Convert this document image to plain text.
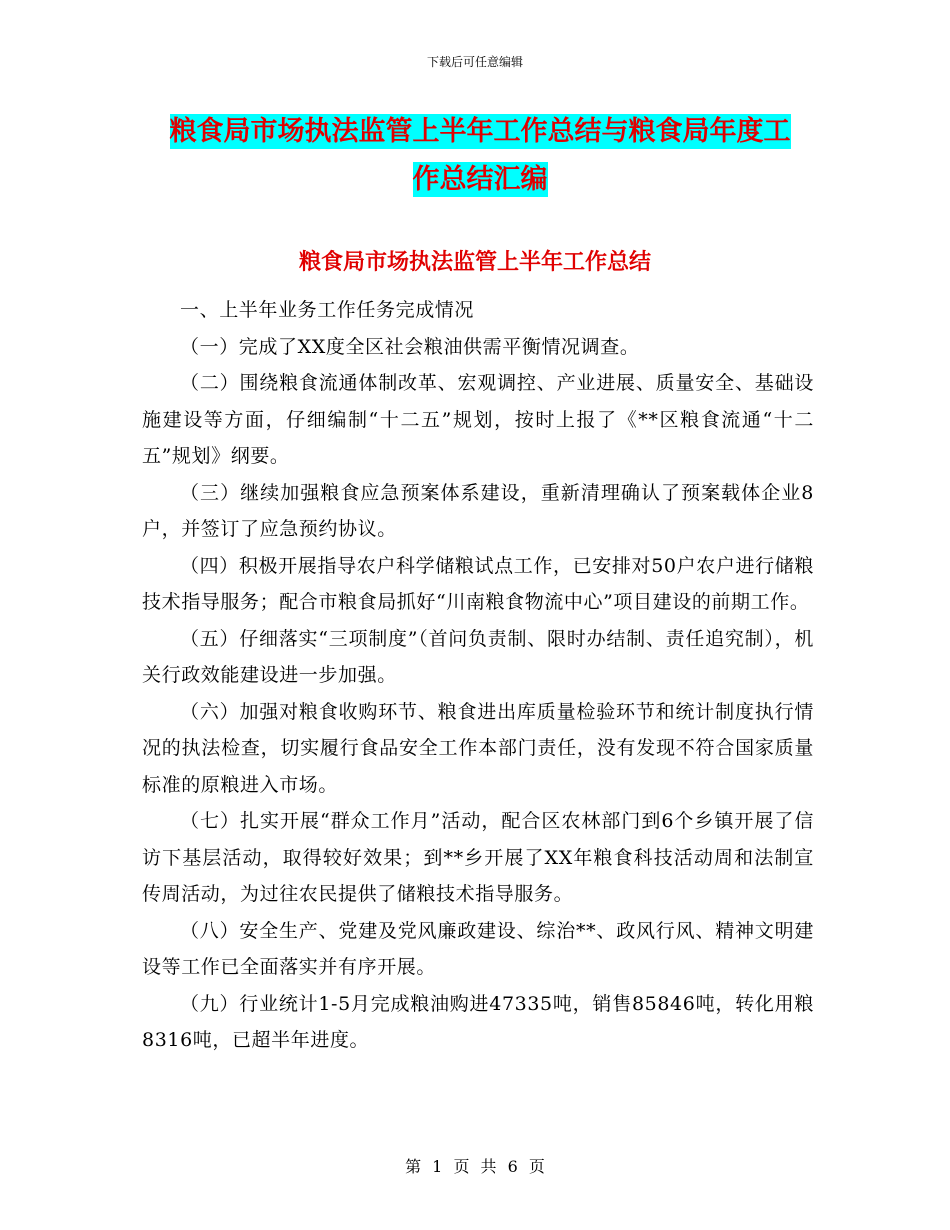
下载后可任意编辑
粮食局市场执法监管上半年工作总结与粮食局年度工
作总结汇编
粮食局市场执法监管上半年工作总结

一、上半年业务工作任务完成情况

（一）完成了XX度全区社会粮油供需平衡情况调查。

（二）围绕粮食流通体制改革、宏观调控、产业进展、质量安全、基础设施建设等方面，仔细编制“十二五”规划，按时上报了《**区粮食流通“十二五”规划》纲要。

（三）继续加强粮食应急预案体系建设，重新清理确认了预案载体企业8户，并签订了应急预约协议。

（四）积极开展指导农户科学储粮试点工作，已安排对50户农户进行储粮技术指导服务；配合市粮食局抓好“川南粮食物流中心”项目建设的前期工作。

（五）仔细落实“三项制度”（首问负责制、限时办结制、责任追究制），机关行政效能建设进一步加强。

（六）加强对粮食收购环节、粮食进出库质量检验环节和统计制度执行情况的执法检查，切实履行食品安全工作本部门责任，没有发现不符合国家质量标准的原粮进入市场。

（七）扎实开展“群众工作月”活动，配合区农林部门到6个乡镇开展了信访下基层活动，取得较好效果；到**乡开展了XX年粮食科技活动周和法制宣传周活动，为过往农民提供了储粮技术指导服务。

（八）安全生产、党建及党风廉政建设、综治**、政风行风、精神文明建设等工作已全面落实并有序开展。

（九）行业统计1-5月完成粮油购进47335吨，销售85846吨，转化用粮8316吨，已超半年进度。

第 1 页 共 6 页
